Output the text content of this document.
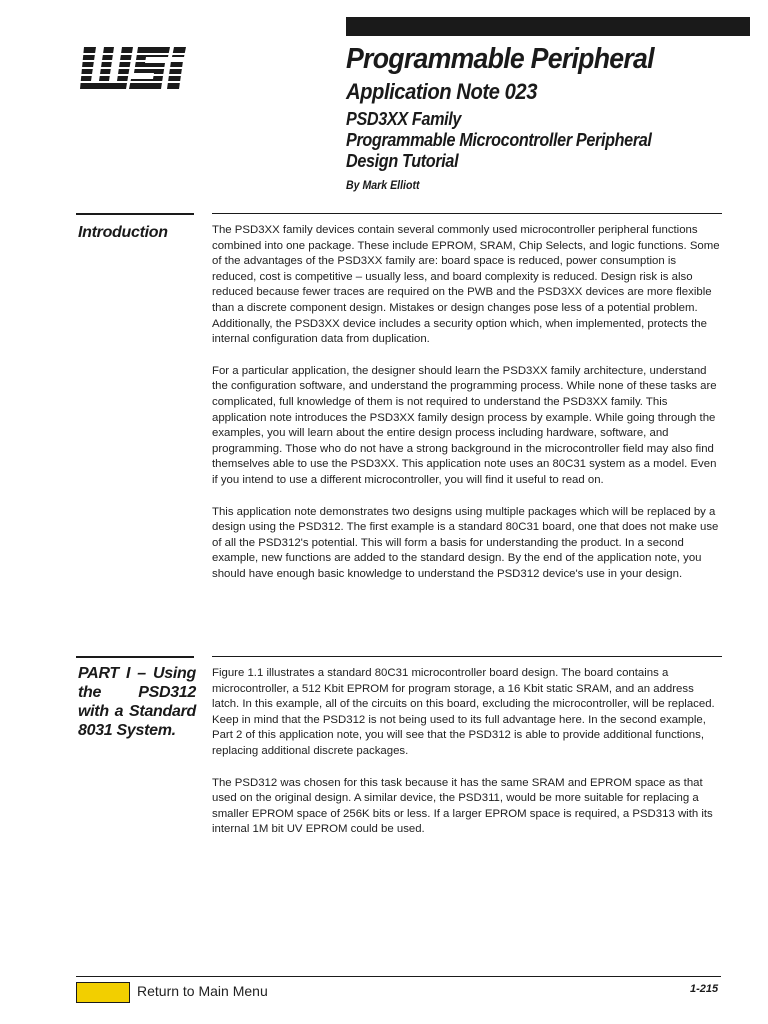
Programmable Peripheral

Application Note 023

PSD3XX Family

Programmable Microcontroller Peripheral

Design Tutorial

By Mark Elliott

Introduction	The PSD3XX family devices contain several commonly used microcontroller peripheral functions combined into one package. These include EPROM, SRAM, Chip Selects, and logic functions. Some of the advantages of the PSD3XX family are: board space is reduced, power consumption is reduced, cost is competitive – usually less, and board complexity is reduced. Design risk is also reduced because fewer traces are required on the PWB and the PSD3XX devices are more flexible than a discrete component design. Mistakes or design changes pose less of a potential problem. Additionally, the PSD3XX device includes a security option which, when implemented, protects the internal configuration data from duplication.

For a particular application, the designer should learn the PSD3XX family architecture, understand the configuration software, and understand the programming process. While none of these tasks are complicated, full knowledge of them is not required to understand the PSD3XX family. This application note introduces the PSD3XX family design process by example. While going through the examples, you will learn about the entire design process including hardware, software, and programming. Those who do not have a strong background in the microcontroller field may also find themselves able to use the PSD3XX. This application note uses an 80C31 system as a model. Even if you intend to use a different microcontroller, you will find it useful to read on.

This application note demonstrates two designs using multiple packages which will be replaced by a design using the PSD312. The first example is a standard 80C31 board, one that does not make use of all the PSD312's potential. This will form a basis for understanding the product. In a second example, new functions are added to the standard design. By the end of the application note, you should have enough basic knowledge to understand the PSD312 device's use in your design.

PART I – Using the PSD312 with a Standard 8031 System.

Figure 1.1 illustrates a standard 80C31 microcontroller board design. The board contains a microcontroller, a 512 Kbit EPROM for program storage, a 16 Kbit static SRAM, and an address latch. In this example, all of the circuits on this board, excluding the microcontroller, will be replaced. Keep in mind that the PSD312 is not being used to its full advantage here. In the second example, Part 2 of this application note, you will see that the PSD312 is able to provide additional functions, replacing additional discrete packages.

The PSD312 was chosen for this task because it has the same SRAM and EPROM space as that used on the original design. A similar device, the PSD311, would be more suitable for replacing a smaller EPROM space of 256K bits or less. If a larger EPROM space is required, a PSD313 with its internal 1M bit UV EPROM could be used.

Return to Main Menu	1-215
